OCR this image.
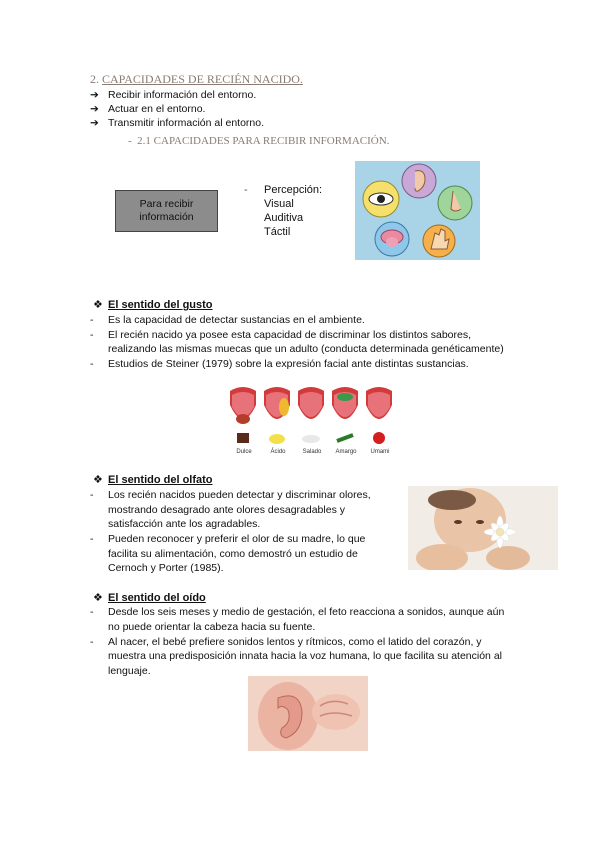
2. CAPACIDADES DE RECIÉN NACIDO.
➔ Recibir información del entorno.
➔ Actuar en el entorno.
➔ Transmitir información al entorno.
- 2.1 CAPACIDADES PARA RECIBIR INFORMACIÓN.
Para recibir
información
- Percepción:
Visual
Auditiva
Táctil
❖ El sentido del gusto
- Es la capacidad de detectar sustancias en el ambiente.
- El recién nacido ya posee esta capacidad de discriminar los distintos sabores,
realizando las mismas muecas que un adulto (conducta determinada genéticamente)
- Estudios de Steiner (1979) sobre la expresión facial ante distintas sustancias.
Dulce	Ácido	Salado	Amargo	Umami
❖ El sentido del olfato
- Los recién nacidos pueden detectar y discriminar olores,
mostrando desagrado ante olores desagradables y
satisfacción ante los agradables.
- Pueden reconocer y preferir el olor de su madre, lo que
facilita su alimentación, como demostró un estudio de
Cernoch y Porter (1985).
❖ El sentido del oído
- Desde los seis meses y medio de gestación, el feto reacciona a sonidos, aunque aún
no puede orientar la cabeza hacia su fuente.
- Al nacer, el bebé prefiere sonidos lentos y rítmicos, como el latido del corazón, y
muestra una predisposición innata hacia la voz humana, lo que facilita su atención al
lenguaje.
